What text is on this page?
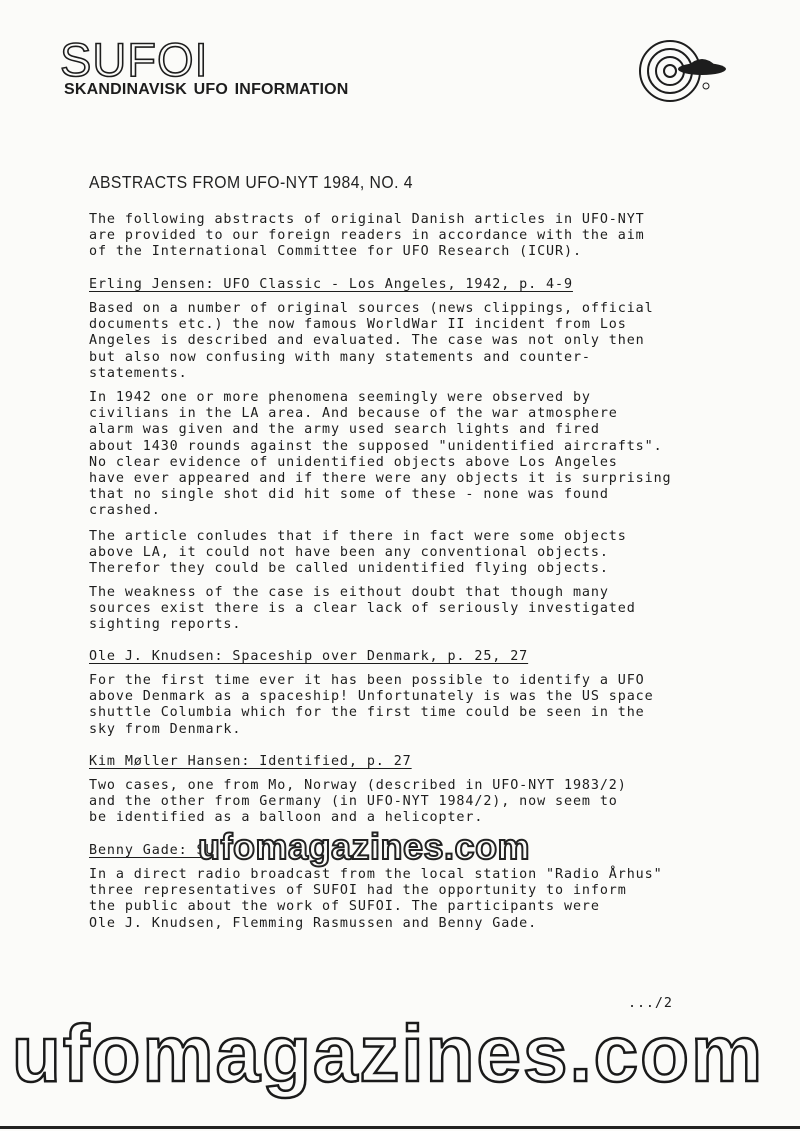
SUFOI
SKANDINAVISK UFO INFORMATION
ABSTRACTS FROM UFO-NYT 1984, NO. 4
The following abstracts of original Danish articles in UFO-NYT
are provided to our foreign readers in accordance with the aim
of the International Committee for UFO Research (ICUR).
Erling Jensen: UFO Classic - Los Angeles, 1942, p. 4-9
Based on a number of original sources (news clippings, official
documents etc.) the now famous WorldWar II incident from Los
Angeles is described and evaluated. The case was not only then
but also now confusing with many statements and counter-
statements.
In 1942 one or more phenomena seemingly were observed by
civilians in the LA area. And because of the war atmosphere
alarm was given and the army used search lights and fired
about 1430 rounds against the supposed "unidentified aircrafts".
No clear evidence of unidentified objects above Los Angeles
have ever appeared and if there were any objects it is surprising
that no single shot did hit some of these - none was found
crashed.
The article conludes that if there in fact were some objects
above LA, it could not have been any conventional objects.
Therefor they could be called unidentified flying objects.
The weakness of the case is eithout doubt that though many
sources exist there is a clear lack of seriously investigated
sighting reports.
Ole J. Knudsen: Spaceship over Denmark, p. 25, 27
For the first time ever it has been possible to identify a UFO
above Denmark as a spaceship! Unfortunately is was the US space
shuttle Columbia which for the first time could be seen in the
sky from Denmark.
Kim Møller Hansen: Identified, p. 27
Two cases, one from Mo, Norway (described in UFO-NYT 1983/2)
and the other from Germany (in UFO-NYT 1984/2), now seem to
be identified as a balloon and a helicopter.
Benny Gade: SU
In a direct radio broadcast from the local station "Radio Århus"
three representatives of SUFOI had the opportunity to inform
the public about the work of SUFOI. The participants were
Ole J. Knudsen, Flemming Rasmussen and Benny Gade.
ufomagazines.com
.../2
ufomagazines.com
